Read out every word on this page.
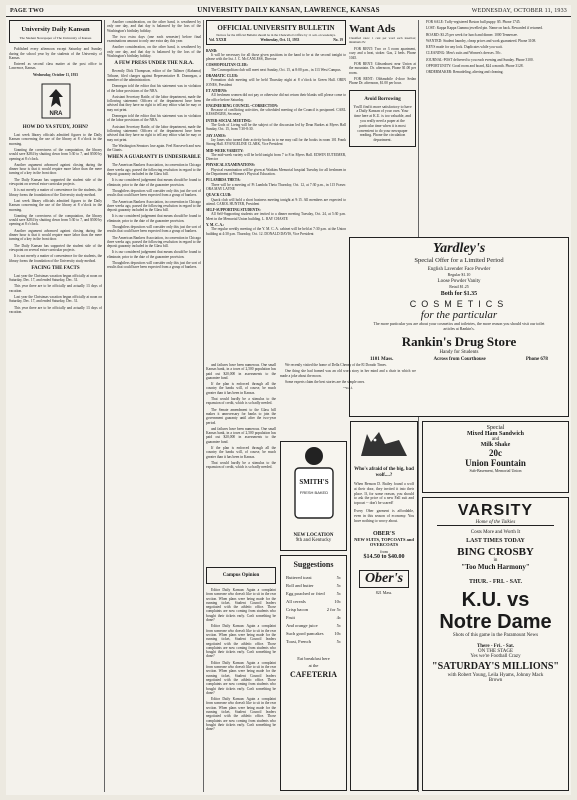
PAGE TWO	UNIVERSITY DAILY KANSAN, LAWRENCE, KANSAS	WEDNESDAY, OCTOBER 11, 1933
University Daily Kansan
The Student Newspaper of The University of Kansas

Published every afternoon except Saturday and Sunday during the school year by the students of the University of Kansas.

Entered as second class matter at the post office in Lawrence, Kansas.

Wednesday, October 11, 1933

NRA
HOW DO YA STUDY, JOHN?

Last week library officials admitted figures to the Daily Kansan concerning the use of the library at 8 o'clock in the morning.

Granting the correctness of the computation, the library would save $284 by shutting down from 5:30 to 7, and $500 by opening at 8 o'clock.

Another argument advanced against closing during the dinner hour is that it would require more labor than the mere turning of a key in the front door.

The Daily Kansan has supported the student side of the viewpoint on several extra-curricular projects.

It is not merely a matter of convenience for the students, the library forms the foundation of the University study method.

Last week library officials admitted figures to the Daily Kansan concerning the use of the library at 8 o'clock in the morning.

Granting the correctness of the computation, the library would save $284 by shutting down from 5:30 to 7, and $500 by opening at 8 o'clock.

Another argument advanced against closing during the dinner hour is that it would require more labor than the mere turning of a key in the front door.

The Daily Kansan has supported the student side of the viewpoint on several extra-curricular projects.

It is not merely a matter of convenience for the students, the library forms the foundation of the University study method.

FACING THE FACTS

Last year the Christmas vacation began officially at noon on Saturday, Dec. 17, and ended Saturday, Dec. 31.

This year there are to be officially and actually 13 days of vacation.

Last year the Christmas vacation began officially at noon on Saturday, Dec. 17, and ended Saturday, Dec. 31.

This year there are to be officially and actually 13 days of vacation.

Another consideration, on the other hand, is weathered by only one day, and that day is balanced by the loss of the Washington's birthday holiday.

The two extra days (one each semester) before final examinations amount to only one extra day this year.

Another consideration, on the other hand, is weathered by only one day, and that day is balanced by the loss of the Washington's birthday holiday.

A FEW PRESS UNDER THE N.R.A.

Recently Dick Thompson, editor of the Tallmer (Alabama) Tribune, filed charges against Representative B. Donnegan, a member of the administration.

Donnegan told the editor that his statement was in violation of the labor provisions of the NRA.

Assistant Secretary Battle, of the labor department, made the following statement: Officers of the department have been advised that they have no right to tell any editor what he may or may not print.

Donnegan told the editor that his statement was in violation of the labor provisions of the NRA.

Assistant Secretary Battle, of the labor department, made the following statement: Officers of the department have been advised that they have no right to tell any editor what he may or may not print.

The Washington Senators lose again. Feel Roosevelt and now the Giants.

WHEN A GUARANTY IS UNDESIRABLE

The American Bankers Association, in convention in Chicago three weeks ago, passed the following resolution in regard to the deposit guaranty included in the Glass bill.

It is our considered judgement that means should be found to eliminate, prior to the date of the guarantee provision.

Thoughtless depositors will consider only this just the sort of results that could have been expected from a group of bankers.

The American Bankers Association, in convention in Chicago three weeks ago, passed the following resolution in regard to the deposit guaranty included in the Glass bill.

It is our considered judgement that means should be found to eliminate, prior to the date of the guarantee provision.

Thoughtless depositors will consider only this just the sort of results that could have been expected from a group of bankers.

The American Bankers Association, in convention in Chicago three weeks ago, passed the following resolution in regard to the deposit guaranty included in the Glass bill.

It is our considered judgement that means should be found to eliminate, prior to the date of the guarantee provision.

Thoughtless depositors will consider only this just the sort of results that could have been expected from a group of bankers.

OFFICIAL UNIVERSITY BULLETIN
Notices for the Official Bulletin should be in the Chancellor's Office by 11 a.m. on weekdays.
Vol. XXXII	Wednesday, Oct. 11, 1933	No. 19
BAND:

It will be necessary for all those given positions in the band to be at the second tonight to please with the list. J. C. McCANLESS, Director

COSMOPOLITAN CLUB:

The Cosmopolitan club will meet next Sunday, Oct. 15, at 8:00 p.m., in 113 West Campus.

DRAMATIC CLUB:

Formation club meeting will be held Thursday night at 8 o'clock in Green Hall. ORIN JONES, President

ET ATHENS:

All freshmen women did not pay or otherwise did not return their blanks will please come to the office before Saturday.

ENGINEERING COUNCIL--CORRECTION:

Because of conflicting activities, the scheduled meeting of the Council is postponed. CARL KESSINGER, Secretary

INTER-SOCIAL MEETING:

The Gods of Living will be the subject of the discussion led by Dean Burkes at Myers Hall Sunday, Oct. 15, from 7:30-8:30.

JAY JANES:

Jay Janes who turned their activity books in to me may call for the books in room 101 Frank Strong Hall. EVANGELINE CLARK, Vice President

MID-WEEK VARIETY:

The mid-week variety will be held tonight from 7 to 8 in Myers Hall. EDWIN EUTEIMER, Director

PHYSICAL EXAMINATIONS:

Physical examination will be given at Watkins Memorial hospital Tuesday for all freshmen in the Department of Women's Physical Education.

PI LAMBDA THETA:

There will be a meeting of Pi Lambda Theta Thursday, Oct. 12, at 7:30 p.m., in 115 Fraser. ORA MAY LAYNE

QUACK CLUB:

Quack club will hold a short business meeting tonight at 9:15. All members are expected to attend. CAROL HUNTER, President

SELF-SUPPORTING STUDENTS:

All Self-Supporting students are invited to a dinner meeting Tuesday, Oct. 24, at 5:30 p.m. Meet in the Memorial Union building. L. RAY CHASTE

Y. M. C. A.:

The regular weekly meeting of the Y. M. C. A. cabinet will be held at 7:30 p.m. at the Union building at 4:30 p.m. Thursday, Oct. 12. DONALD DAVIS, Vice President

Want Ads
Classified rates: 1 cent per word each insertion; minimum 25c

FOR RENT: Two or 3 room apartment, cozy and a heat, stoker. Gas, 2 beds. Phone 1045.

FOR RENT: Gibsonhurst near Union at the mountain. Dr. afternoon, Phone $1.00 per room.

FOR RENT: Oldsmobile 4-door Sedan Phone Dr. afternoon, $1.00 per hour.

Avoid Borrowing
You'll find it more satisfactory to have a Daily Kansan of your own. Your time here at K.U. is too valuable, and you really need a paper at the particular time when it is most convenient to do your newspaper reading. Phone the circulation department.

FOR SALE: Tuffy-registered Boston bull puppy. $5. Phone 1745.

LOST: Kappa Kappa Gamma jewelled pin. Name on back. Rewarded if returned.

BOARD: $3.25 per week for lunch and dinner. 1000 Tennessee.

WANTED: Student laundry, cheap prices and work guaranteed. Phone 3108.

KEYS made for any lock. Duplicates while you wait.

CLEANING: Men's suits and Women's dresses. 50c.

JOURNAL-POST delivered to you each evening and Sunday. Phone 3100.

OPPORTUNITY: Good room and board, $24 a month. Phone 3128.

ORDERMAKER: Remodeling, altering and cleaning.

Yardley's
Special Offer for a Limited Period
English Lavender Face Powder
Regular $1.10
Loose Powder Vanity
Retail $1.25
Both for $1.35
COSMETICS
for the particular
The more particular you are about your cosmetics and toiletries, the more reason you should visit our toilet articles at Rankin's.
Rankin's Drug Store
Handy for Students
1101 Mass.	Across from Courthouse	Phone 678
Special
Mixed Ham Sandwich
and
Milk Shake
20c
Union Fountain
Sub-Basement, Memorial Union
VARSITY
Home of the Talkies
Costs More and Worth It
LAST TIMES TODAY
BING CROSBY
in
"Too Much Harmony"
THUR. - FRI. - SAT.
K.U. vs
Notre Dame
Shots of this game in the Paramount News
There - Fri. - Sat.
ON THE STAGE
Yes we're Football Crazy
"SATURDAY'S MILLIONS"
with Robert Young, Leila Hyams, Johnny Mack Brown

and failures have been numerous. One small Kansas bank, in a town of 2,500 population has paid out $20,000 in assessments to the guarantee fund.

If the plan is enforced through all the country the banks will, of course, be much greater than it has been in Kansas.

That would hardly be a stimulus to the expansion of credit, which is so badly needed.

The Senate amendment to the Glass bill makes it unnecessary for banks to join the government guaranty until after the two-year period.

and failures have been numerous. One small Kansas bank, in a town of 2,500 population has paid out $20,000 in assessments to the guarantee fund.

If the plan is enforced through all the country the banks will, of course, be much greater than it has been in Kansas.

That would hardly be a stimulus to the expansion of credit, which is so badly needed.

We recently visited the home of Della Cheney of the El Dorado Times.

One thing she had framed was an old worn story in her mind and a chair in which we made a joke about the moon.

Some experts claim the best stories are the simple ones.

--w.e.t.

SMITH'S
FRESH BAKED
NEW LOCATION
9th and Kentucky
Who's afraid of the big, bad wolf....?
When Benson D. Bailey found a wolf at their door, they invited it into their place. If, for some reason, you should to ask the price of a new Fall suit and topcoat -- don't be scared!
Every Ober garment is affordable, even in this season of economy. You have nothing to worry about.
OBER'S
NEW SUITS, TOPCOATS and OVERCOATS
from
$14.50 to $40.00
Ober's
821 Mass.
Suggestions
Buttered toast	5c
Roll and butter	5c
Egg poached or fried	5c
All cereals	10c
Crisp bacon	2 for 5c
Fruit	4c
And orange juice	5c
Such good pancakes 10c
Toast, French	5c
Eat breakfast here
at the
CAFETERIA
Campus Opinion

Editor Daily Kansan: Again a complaint from someone who doesn't like to sit in the rear section. When plans were being made for the running ticket, Student Council leaders negotiated with the athletic office. Those complaints are now coming from students who bought their tickets early. Can't something be done?

Editor Daily Kansan: Again a complaint from someone who doesn't like to sit in the rear section. When plans were being made for the running ticket, Student Council leaders negotiated with the athletic office. Those complaints are now coming from students who bought their tickets early. Can't something be done?

Editor Daily Kansan: Again a complaint from someone who doesn't like to sit in the rear section. When plans were being made for the running ticket, Student Council leaders negotiated with the athletic office. Those complaints are now coming from students who bought their tickets early. Can't something be done?

Editor Daily Kansan: Again a complaint from someone who doesn't like to sit in the rear section. When plans were being made for the running ticket, Student Council leaders negotiated with the athletic office. Those complaints are now coming from students who bought their tickets early. Can't something be done?
